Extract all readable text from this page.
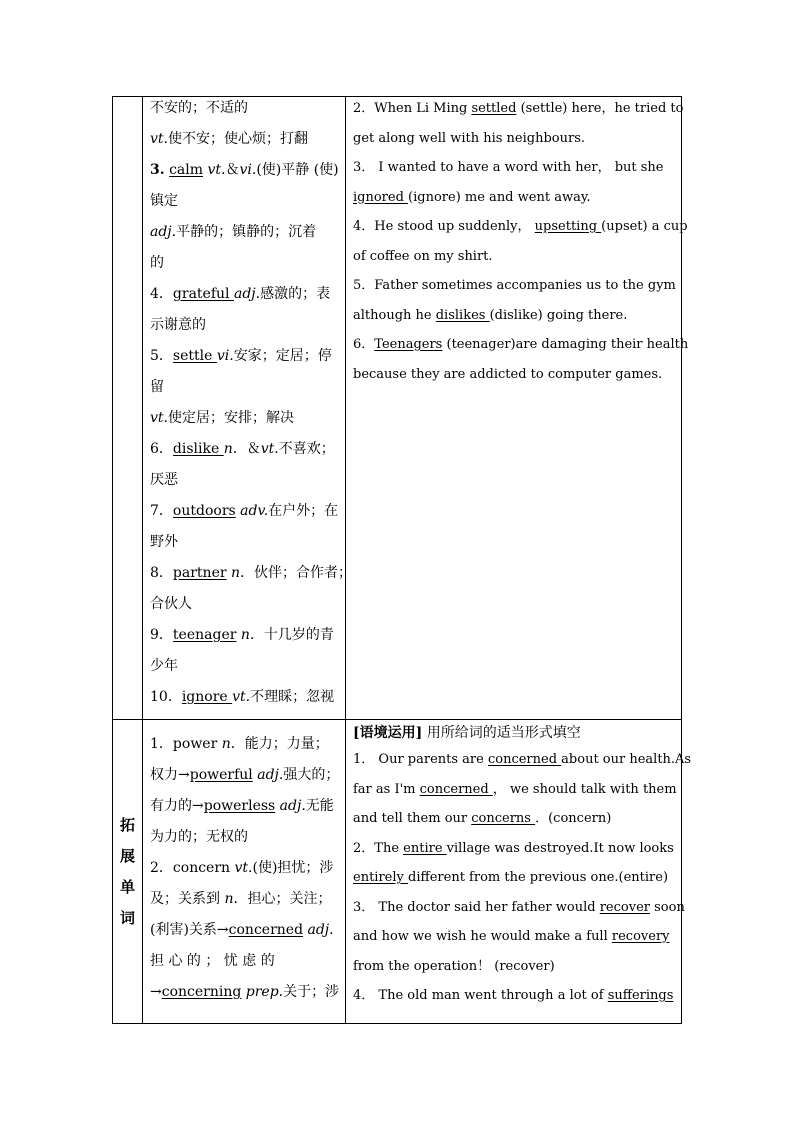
不安的；不适的
vt.使不安；使心烦；打翻
3. calm vt.＆vi.(使)平静 (使)
镇定
adj.平静的；镇静的；沉着
的
4．grateful adj.感激的；表
示谢意的
5．settle vi.安家；定居；停
留
vt.使定居；安排；解决
6．dislike n．＆vt.不喜欢；
厌恶
7．outdoors adv.在户外；在
野外
8．partner n．伙伴；合作者；
合伙人
9．teenager n．十几岁的青
少年
10．ignore vt.不理睬；忽视
2．When Li Ming settled (settle) here，he tried to
get along well with his neighbours.
3． I wanted to have a word with her， but she
ignored (ignore) me and went away.
4．He stood up suddenly， upsetting (upset) a cup
of coffee on my shirt.
5．Father sometimes accompanies us to the gym
although he dislikes (dislike) going there.
6．Teenagers (teenager)are damaging their health
because they are addicted to computer games.
拓
展
单
词
1．power n．能力；力量；
权力→powerful adj.强大的；
有力的→powerless adj.无能
为力的；无权的
2．concern vt.(使)担忧；涉
及；关系到 n．担心；关注；
(利害)关系→concerned adj.
担 心 的 ； 忧 虑 的
→concerning prep.关于；涉
[语境运用] 用所给词的适当形式填空
1． Our parents are concerned about our health.As
far as I'm concerned ， we should talk with them
and tell them our concerns ．(concern)
2．The entire village was destroyed.It now looks
entirely different from the previous one.(entire)
3． The doctor said her father would recover soon
and how we wish he would make a full recovery
from the operation！ (recover)
4． The old man went through a lot of sufferings
